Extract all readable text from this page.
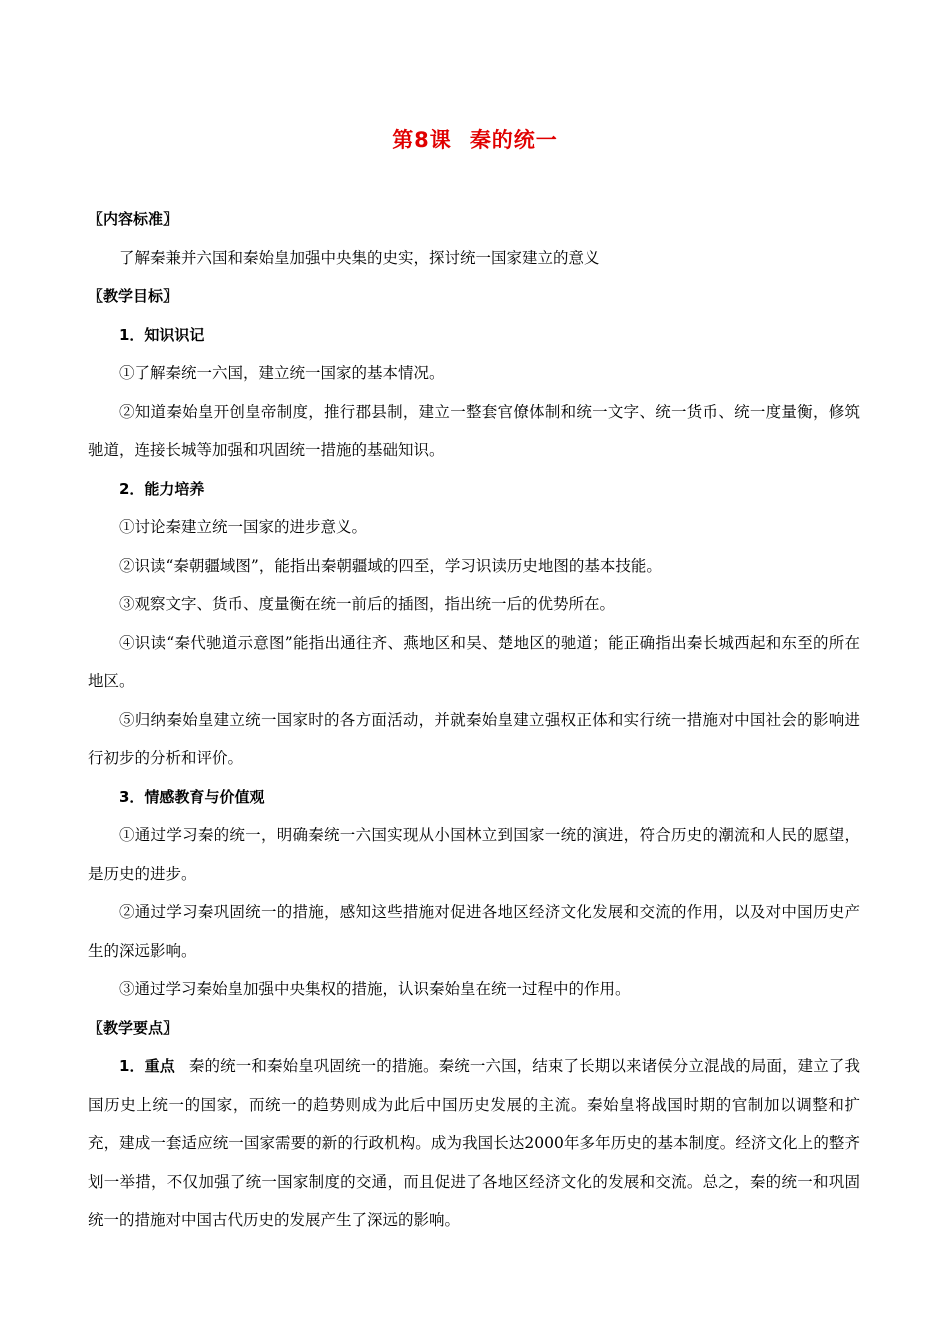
第8课 秦的统一

〖内容标准〗

了解秦兼并六国和秦始皇加强中央集的史实，探讨统一国家建立的意义

〖教学目标〗

1．知识识记

①了解秦统一六国，建立统一国家的基本情况。

②知道秦始皇开创皇帝制度，推行郡县制，建立一整套官僚体制和统一文字、统一货币、统一度量衡，修筑驰道，连接长城等加强和巩固统一措施的基础知识。

2．能力培养

①讨论秦建立统一国家的进步意义。

②识读“秦朝疆域图”，能指出秦朝疆域的四至，学习识读历史地图的基本技能。

③观察文字、货币、度量衡在统一前后的插图，指出统一后的优势所在。

④识读“秦代驰道示意图”能指出通往齐、燕地区和吴、楚地区的驰道；能正确指出秦长城西起和东至的所在地区。

⑤归纳秦始皇建立统一国家时的各方面活动，并就秦始皇建立强权正体和实行统一措施对中国社会的影响进行初步的分析和评价。

3．情感教育与价值观

①通过学习秦的统一，明确秦统一六国实现从小国林立到国家一统的演进，符合历史的潮流和人民的愿望，是历史的进步。

②通过学习秦巩固统一的措施，感知这些措施对促进各地区经济文化发展和交流的作用，以及对中国历史产生的深远影响。

③通过学习秦始皇加强中央集权的措施，认识秦始皇在统一过程中的作用。

〖教学要点〗

1．重点 秦的统一和秦始皇巩固统一的措施。秦统一六国，结束了长期以来诸侯分立混战的局面，建立了我国历史上统一的国家，而统一的趋势则成为此后中国历史发展的主流。秦始皇将战国时期的官制加以调整和扩充，建成一套适应统一国家需要的新的行政机构。成为我国长达2000年多年历史的基本制度。经济文化上的整齐划一举措，不仅加强了统一国家制度的交通，而且促进了各地区经济文化的发展和交流。总之，秦的统一和巩固统一的措施对中国古代历史的发展产生了深远的影响。
